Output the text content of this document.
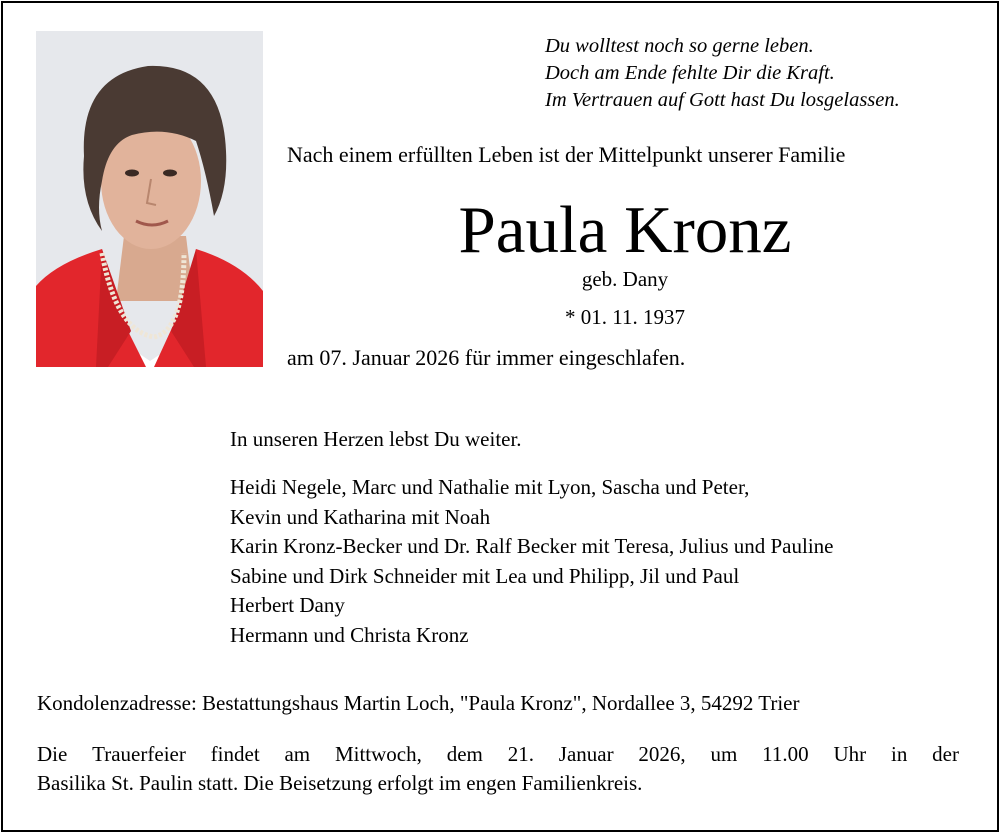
Du wolltest noch so gerne leben.
Doch am Ende fehlte Dir die Kraft.
Im Vertrauen auf Gott hast Du losgelassen.
Nach einem erfüllten Leben ist der Mittelpunkt unserer Familie
Paula Kronz
geb. Dany
* 01. 11. 1937
am 07. Januar 2026 für immer eingeschlafen.
In unseren Herzen lebst Du weiter.
Heidi Negele, Marc und Nathalie mit Lyon, Sascha und Peter,
Kevin und Katharina mit Noah
Karin Kronz-Becker und Dr. Ralf Becker mit Teresa, Julius und Pauline
Sabine und Dirk Schneider mit Lea und Philipp, Jil und Paul
Herbert Dany
Hermann und Christa Kronz
Kondolenzadresse: Bestattungshaus Martin Loch, "Paula Kronz", Nordallee 3, 54292 Trier
Die Trauerfeier findet am Mittwoch, dem 21. Januar 2026, um 11.00 Uhr in der
Basilika St. Paulin statt. Die Beisetzung erfolgt im engen Familienkreis.
